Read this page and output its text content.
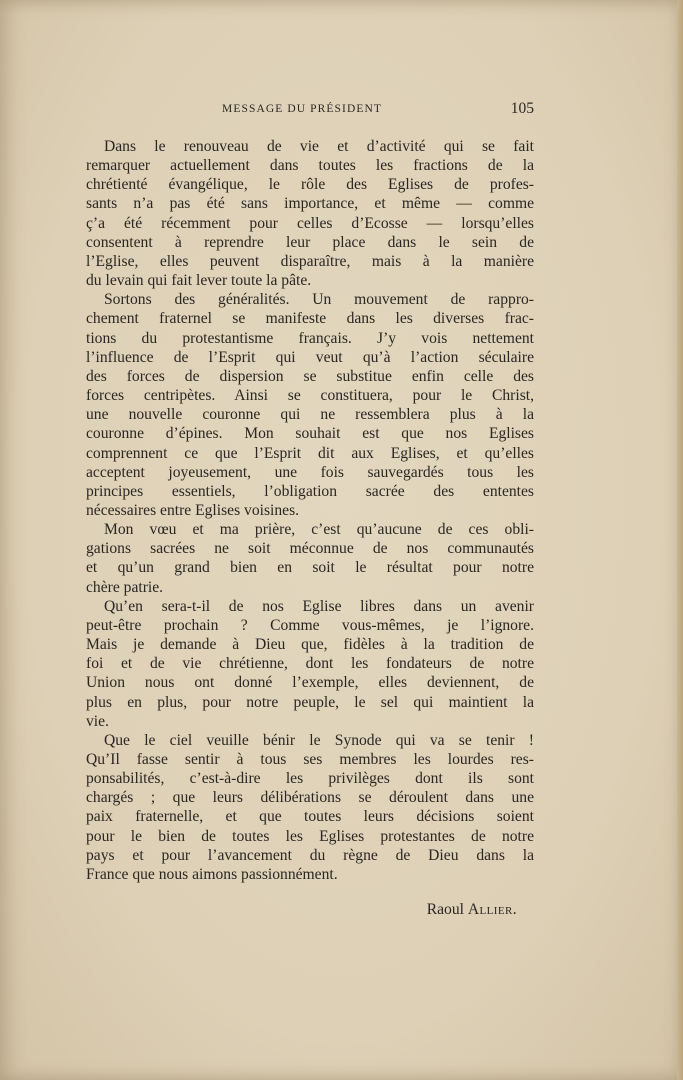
MESSAGE DU PRÉSIDENT	105
Dans le renouveau de vie et d’activité qui se fait
remarquer actuellement dans toutes les fractions de la
chrétienté évangélique, le rôle des Eglises de profes-
sants n’a pas été sans importance, et même — comme
ç’a été récemment pour celles d’Ecosse — lorsqu’elles
consentent à reprendre leur place dans le sein de
l’Eglise, elles peuvent disparaître, mais à la manière
du levain qui fait lever toute la pâte.
Sortons des généralités. Un mouvement de rappro-
chement fraternel se manifeste dans les diverses frac-
tions du protestantisme français. J’y vois nettement
l’influence de l’Esprit qui veut qu’à l’action séculaire
des forces de dispersion se substitue enfin celle des
forces centripètes. Ainsi se constituera, pour le Christ,
une nouvelle couronne qui ne ressemblera plus à la
couronne d’épines. Mon souhait est que nos Eglises
comprennent ce que l’Esprit dit aux Eglises, et qu’elles
acceptent joyeusement, une fois sauvegardés tous les
principes essentiels, l’obligation sacrée des ententes
nécessaires entre Eglises voisines.
Mon vœu et ma prière, c’est qu’aucune de ces obli-
gations sacrées ne soit méconnue de nos communautés
et qu’un grand bien en soit le résultat pour notre
chère patrie.
Qu’en sera-t-il de nos Eglise libres dans un avenir
peut-être prochain ? Comme vous-mêmes, je l’ignore.
Mais je demande à Dieu que, fidèles à la tradition de
foi et de vie chrétienne, dont les fondateurs de notre
Union nous ont donné l’exemple, elles deviennent, de
plus en plus, pour notre peuple, le sel qui maintient la
vie.
Que le ciel veuille bénir le Synode qui va se tenir !
Qu’Il fasse sentir à tous ses membres les lourdes res-
ponsabilités, c’est-à-dire les privilèges dont ils sont
chargés ; que leurs délibérations se déroulent dans une
paix fraternelle, et que toutes leurs décisions soient
pour le bien de toutes les Eglises protestantes de notre
pays et pour l’avancement du règne de Dieu dans la
France que nous aimons passionnément.
Raoul Allier.
